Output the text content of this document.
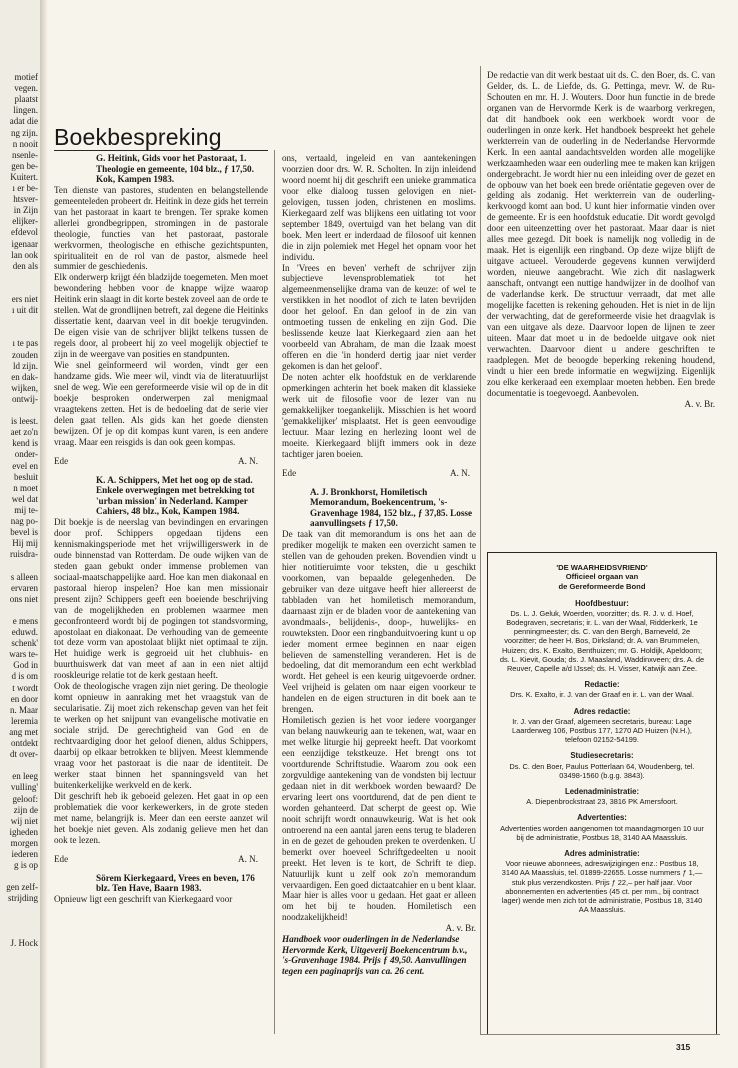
motief
vegen.
plaatst
lingen.
adat die
ng zijn.
n nooit
nsenle-
gen be-
Kuitert.
ı er be-
htsver-
in Zijn
elijker-
efdevol
igenaar
lan ook
den als
ers niet
ı uit dit
ı te pas
zouden
ld zijn.
en dak-
wijken,
ontwij-
is leest.
aet zo'n
kend is
onder-
evel en
besluit
n moet
wel dat
mij te-
nag po-
bevel is
Hij mij
ruisdra-
s alleen
ervaren
ons niet
e mens
eduwd.
schenk'
wars te-
God in
d is om
t wordt
en door
n. Maar
leremia
ang met
ontdekt
dt over-
en leeg
vulling'
geloof:
zijn de
wij niet
igheden
morgen
iederen
g is op
gen zelf-
strijding
J. Hock
Boekbespreking

G. Heitink, Gids voor het Pastoraat, 1. Theologie en gemeente, 104 blz., ƒ 17,50. Kok, Kampen 1983.

Ten dienste van pastores, studenten en belangstellende gemeenteleden probeert dr. Heitink in deze gids het terrein van het pastoraat in kaart te brengen. Ter sprake komen allerlei grondbegrippen, stromingen in de pastorale theologie, functies van het pastoraat, pastorale werkvormen, theologische en ethische gezichtspunten, spiritualiteit en de rol van de pastor, alsmede heel summier de geschiedenis.

Elk onderwerp krijgt één bladzijde toegemeten. Men moet bewondering hebben voor de knappe wijze waarop Heitink erin slaagt in dit korte bestek zoveel aan de orde te stellen. Wat de grondlijnen betreft, zal degene die Heitinks dissertatie kent, daarvan veel in dit boekje terugvinden. De eigen visie van de schrijver blijkt telkens tussen de regels door, al probeert hij zo veel mogelijk objectief te zijn in de weergave van posities en standpunten.

Wie snel geïnformeerd wil worden, vindt ger een handzame gids. Wie meer wil, vindt via de literatuurlijst snel de weg. Wie een gereformeerde visie wil op de in dit boekje besproken onderwerpen zal menigmaal vraagtekens zetten. Het is de bedoeling dat de serie vier delen gaat tellen. Als gids kan het goede diensten bewijzen. Of je op dit kompas kunt varen, is een andere vraag. Maar een reisgids is dan ook geen kompas.

Ede	A. N.

K. A. Schippers, Met het oog op de stad. Enkele overwegingen met betrekking tot 'urban mission' in Nederland. Kamper Cahiers, 48 blz., Kok, Kampen 1984.

Dit boekje is de neerslag van bevindingen en ervaringen door prof. Schippers opgedaan tijdens een kennismakingsperiode met het vrijwilligerswerk in de oude binnenstad van Rotterdam. De oude wijken van de steden gaan gebukt onder immense problemen van sociaal-maatschappelijke aard. Hoe kan men diakonaal en pastoraal hierop inspelen? Hoe kan men missionair present zijn? Schippers geeft een boeiende beschrijving van de mogelijkheden en problemen waarmee men geconfronteerd wordt bij de pogingen tot standsvorming, apostolaat en diakonaat. De verhouding van de gemeente tot deze vorm van apostolaat blijkt niet optimaal te zijn. Het huidige werk is gegroeid uit het clubhuis- en buurthuiswerk dat van meet af aan in een niet altijd rooskleurige relatie tot de kerk gestaan heeft.

Ook de theologische vragen zijn niet gering. De theologie komt opnieuw in aanraking met het vraagstuk van de secularisatie. Zij moet zich rekenschap geven van het feit te werken op het snijpunt van evangelische motivatie en sociale strijd. De gerechtigheid van God en de rechtvaardiging door het geloof dienen, aldus Schippers, daarbij op elkaar betrokken te blijven. Meest klemmende vraag voor het pastoraat is die naar de identiteit. De werker staat binnen het spanningsveld van het buitenkerkelijke werkveld en de kerk.

Dit geschrift heb ik geboeid gelezen. Het gaat in op een problematiek die voor kerkewerkers, in de grote steden met name, belangrijk is. Meer dan een eerste aanzet wil het boekje niet geven. Als zodanig gelieve men het dan ook te lezen.

Ede	A. N.

Sörem Kierkegaard, Vrees en beven, 176 blz. Ten Have, Baarn 1983.

Opnieuw ligt een geschrift van Kierkegaard voor

ons, vertaald, ingeleid en van aantekeningen voorzien door drs. W. R. Scholten. In zijn inleidend woord noemt hij dit geschrift een unieke grammatica voor elke dialoog tussen gelovigen en niet-gelovigen, tussen joden, christenen en moslims. Kierkegaard zelf was blijkens een uitlating tot voor september 1849, overtuigd van het belang van dit boek. Men leert er inderdaad de filosoof uit kennen die in zijn polemiek met Hegel het opnam voor het individu.

In 'Vrees en beven' verheft de schrijver zijn subjectieve levensproblematiek tot het algemeenmenselijke drama van de keuze: of wel te verstikken in het noodlot of zich te laten bevrijden door het geloof. En dan geloof in de zin van ontmoeting tussen de enkeling en zijn God. Die beslissende keuze laat Kierkegaard zien aan het voorbeeld van Abraham, de man die Izaak moest offeren en die 'in honderd dertig jaar niet verder gekomen is dan het geloof'.

De noten achter elk hoofdstuk en de verklarende opmerkingen achterin het boek maken dit klassieke werk uit de filosofie voor de lezer van nu gemakkelijker toegankelijk. Misschien is het woord 'gemakkelijker' misplaatst. Het is geen eenvoudige lectuur. Maar lezing en herlezing loont wel de moeite. Kierkegaard blijft immers ook in deze tachtiger jaren boeien.

Ede	A. N.

A. J. Bronkhorst, Homiletisch Memorandum, Boekencentrum, 's-Gravenhage 1984, 152 blz., ƒ 37,85. Losse aanvullingsets ƒ 17,50.

De taak van dit memorandum is ons het aan de prediker mogelijk te maken een overzicht samen te stellen van de gehouden preken. Bovendien vindt u hier notitieruimte voor teksten, die u geschikt voorkomen, van bepaalde gelegenheden. De gebruiker van deze uitgave heeft hier allereerst de tabbladen van het homiletisch memorandum, daarnaast zijn er de bladen voor de aantekening van avondmaals-, belijdenis-, doop-, huwelijks- en rouwteksten. Door een ringbanduitvoering kunt u op ieder moment ermee beginnen en naar eigen believen de samenstelling veranderen. Het is de bedoeling, dat dit memorandum een echt werkblad wordt. Het geheel is een keurig uitgevoerde ordner. Veel vrijheid is gelaten om naar eigen voorkeur te handelen en de eigen structuren in dit boek aan te brengen.

Homiletisch gezien is het voor iedere voorganger van belang nauwkeurig aan te tekenen, wat, waar en met welke liturgie hij gepreekt heeft. Dat voorkomt een eenzijdige tekstkeuze. Het brengt ons tot voortdurende Schriftstudie. Waarom zou ook een zorgvuldige aantekening van de vondsten bij lectuur gedaan niet in dit werkboek worden bewaard? De ervaring leert ons voortdurend, dat de pen dient te worden gehanteerd. Dat scherpt de geest op. Wie nooit schrijft wordt onnauwkeurig. Wat is het ook ontroerend na een aantal jaren eens terug te bladeren in en de gezet de gehouden preken te overdenken. U bemerkt over hoeveel Schriftgedeelten u nooit preekt. Het leven is te kort, de Schrift te diep. Natuurlijk kunt u zelf ook zo'n memorandum vervaardigen. Een goed dictaatcahier en u bent klaar. Maar hier is alles voor u gedaan. Het gaat er alleen om het bij te houden. Homiletisch een noodzakelijkheid!

A. v. Br.

Handboek voor ouderlingen in de Nederlandse Hervormde Kerk, Uitgeverij Boekencentrum b.v., 's-Gravenhage 1984. Prijs ƒ 49,50. Aanvullingen tegen een paginaprijs van ca. 26 cent.

De redactie van dit werk bestaat uit ds. C. den Boer, ds. C. van Gelder, ds. L. de Liefde, ds. G. Pettinga, mevr. W. de Ru-Schouten en mr. H. J. Wouters. Door hun functie in de brede organen van de Hervormde Kerk is de waarborg verkregen, dat dit handboek ook een werkboek wordt voor de ouderlingen in onze kerk. Het handboek bespreekt het gehele werkterrein van de ouderling in de Nederlandse Hervormde Kerk. In een aantal aandachtsvelden worden alle mogelijke werkzaamheden waar een ouderling mee te maken kan krijgen ondergebracht. Je wordt hier nu een inleiding over de gezet en de opbouw van het boek een brede oriëntatie gegeven over de gelding als zodanig. Het werkterrein van de ouderling-kerkvoogd komt aan bod. U kunt hier informatie vinden over de gemeente. Er is een hoofdstuk educatie. Dit wordt gevolgd door een uiteenzetting over het pastoraat. Maar daar is niet alles mee gezegd. Dit boek is namelijk nog volledig in de maak. Het is eigenlijk een ringband. Op deze wijze blijft de uitgave actueel. Verouderde gegevens kunnen verwijderd worden, nieuwe aangebracht. Wie zich dit naslagwerk aanschaft, ontvangt een nuttige handwijzer in de doolhof van de vaderlandse kerk. De structuur verraadt, dat met alle mogelijke facetten is rekening gehouden. Het is niet in de lijn der verwachting, dat de gereformeerde visie het draagvlak is van een uitgave als deze. Daarvoor lopen de lijnen te zeer uiteen. Maar dat moet u in de bedoelde uitgave ook niet verwachten. Daarvoor dient u andere geschriften te raadplegen. Met de beoogde beperking rekening houdend, vindt u hier een brede informatie en wegwijzing. Eigenlijk zou elke kerkeraad een exemplaar moeten hebben. Een brede documentatie is toegevoegd. Aanbevolen.

A. v. Br.

'DE WAARHEIDSVRIEND'
Officieel orgaan van
de Gereformeerde Bond
Hoofdbestuur:

Ds. L. J. Geluk, Woerden, voorzitter; ds. R. J. v. d. Hoef, Bodegraven, secretaris; ir. L. van der Waal, Ridderkerk, 1e penningmeester; ds. C. van den Bergh, Barneveld, 2e voorzitter; de heer H. Bos, Dirksland; dr. A. van Brummelen, Huizen; drs. K. Exalto, Benthuizen; mr. G. Holdijk, Apeldoorn; ds. L. Kievit, Gouda; ds. J. Maasland, Waddinxveen; drs. A. de Reuver, Capelle a/d IJssel; ds. H. Visser, Katwijk aan Zee.

Redactie:

Drs. K. Exalto, ir. J. van der Graaf en ir. L. van der Waal.

Adres redactie:

Ir. J. van der Graaf, algemeen secretaris, bureau: Lage Laarderweg 106, Postbus 177, 1270 AD Huizen (N.H.), telefoon 02152-54199.

Studiesecretaris:

Ds. C. den Boer, Paulus Potterlaan 64, Woudenberg, tel. 03498-1560 (b.g.g. 3843).

Ledenadministratie:

A. Diepenbrockstraat 23, 3816 PK Amersfoort.

Advertenties:

Advertenties worden aangenomen tot maandagmorgen 10 uur bij de administratie, Postbus 18, 3140 AA Maassluis.

Adres administratie:

Voor nieuwe abonnees, adreswijzigingen enz.: Postbus 18, 3140 AA Maassluis, tel. 01899-22655. Losse nummers ƒ 1,— stuk plus verzendkosten. Prijs ƒ 22,– per half jaar. Voor abonnementen en advertenties (45 ct. per mm., bij contract lager) wende men zich tot de administratie, Postbus 18, 3140 AA Maassluis.

315
